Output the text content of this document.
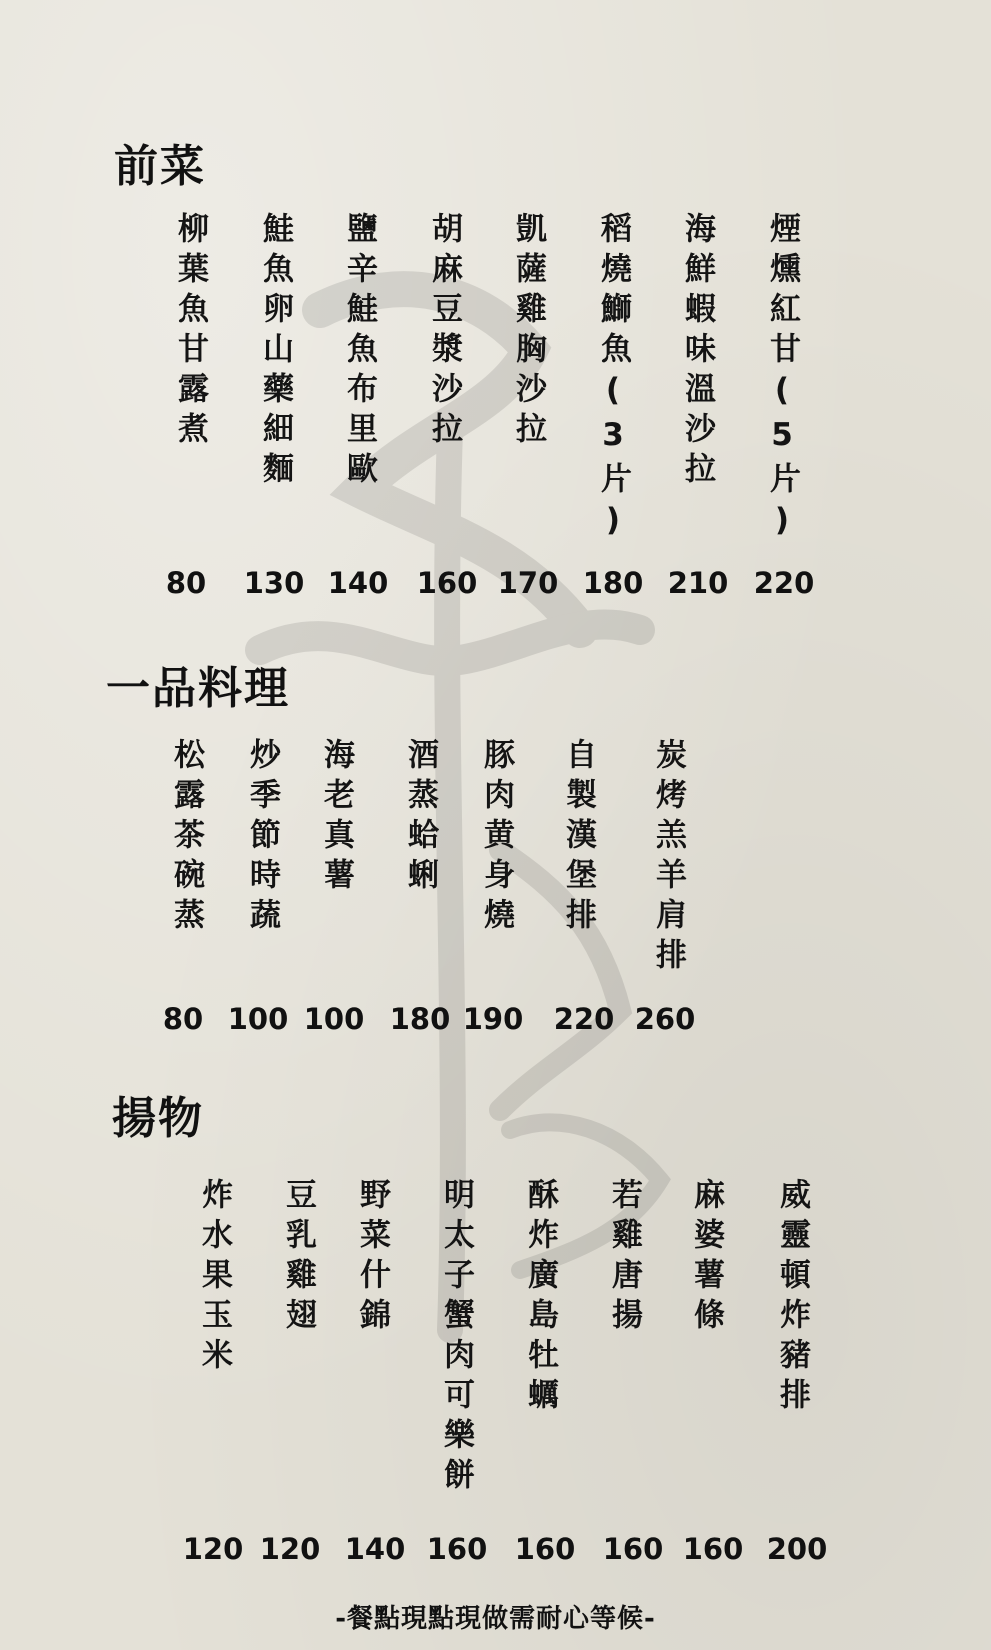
前菜
柳葉魚甘露煮 鮭魚卵山藥細麵 鹽辛鮭魚布里歐 胡麻豆漿沙拉 凱薩雞胸沙拉 稻燒鰤魚(3片) 海鮮蝦味溫沙拉 煙燻紅甘(5片)
80	130 140 160 170 180 210 220
一品料理
松露茶碗蒸 炒季節時蔬 海老真薯 酒蒸蛤蜊 豚肉黄身燒 自製漢堡排 炭烤羔羊肩排
80 100 100 180 190	220 260
揚物
炸水果玉米 豆乳雞翅 野菜什錦 明太子蟹肉可樂餅 酥炸廣島牡蠣 若雞唐揚 麻婆薯條 威靈頓炸豬排
120 120 140 160 160 160 160 200
-餐點現點現做需耐心等候-
